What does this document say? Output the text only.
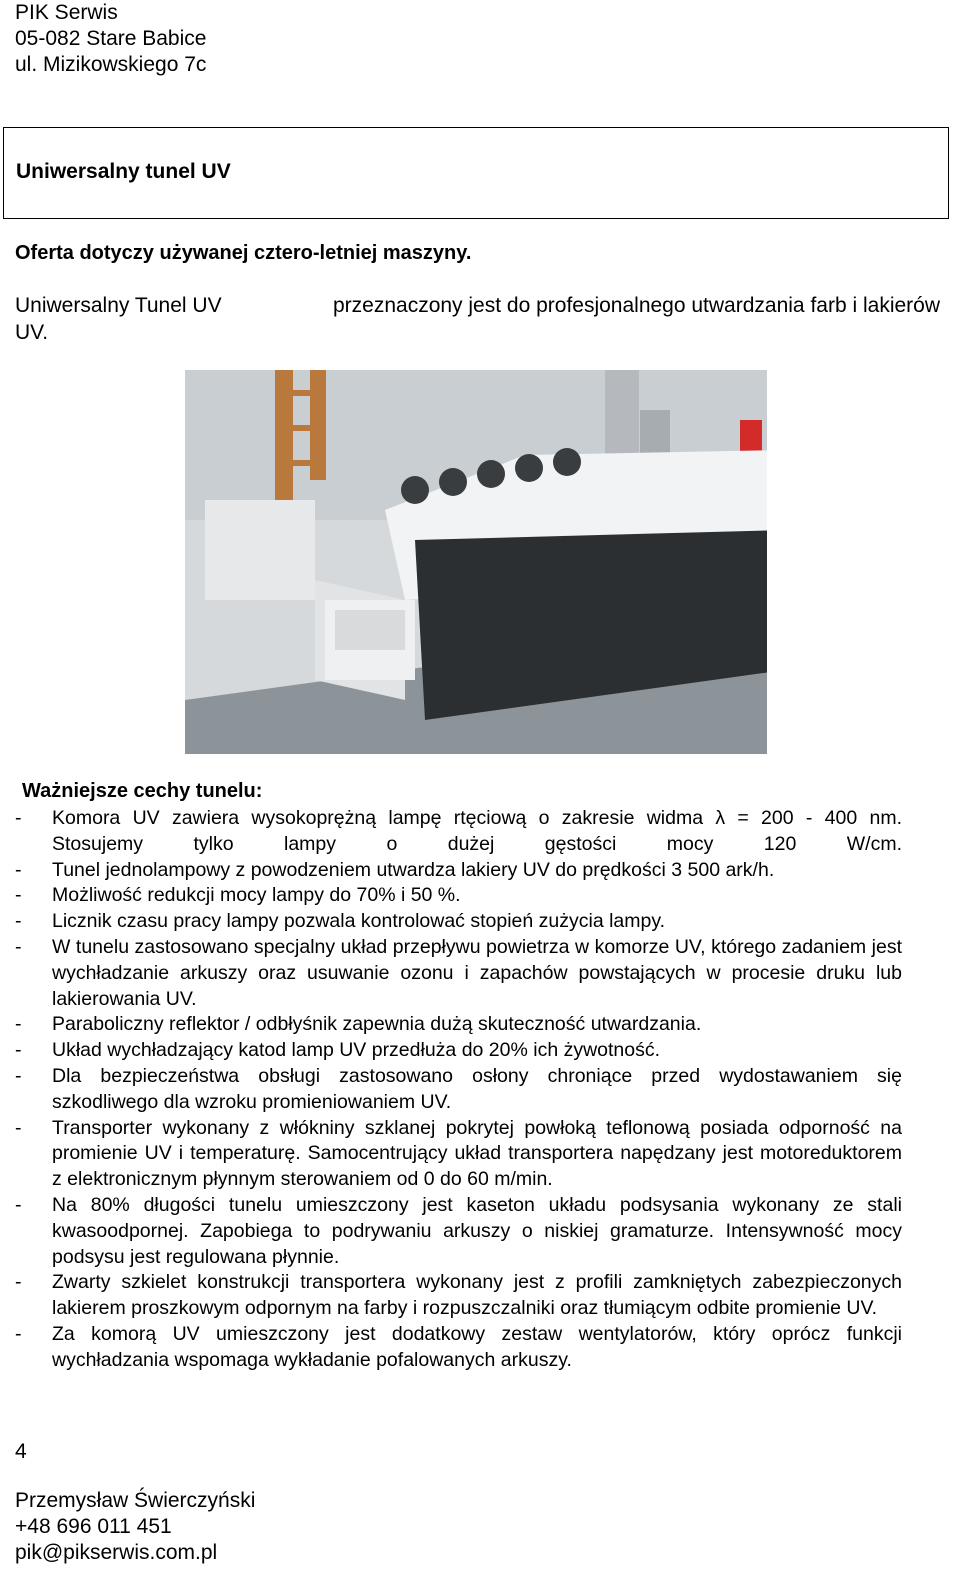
PIK Serwis
05-082 Stare Babice
ul. Mizikowskiego 7c
Uniwersalny tunel UV
Oferta dotyczy używanej cztero-letniej maszyny.
Uniwersalny Tunel UV	przeznaczony jest do profesjonalnego utwardzania farb i lakierów
UV.
Ważniejsze cechy tunelu:
- Komora UV zawiera wysokoprężną lampę rtęciową o zakresie widma λ = 200 - 400 nm. Stosujemy tylko lampy o dużej gęstości mocy 120 W/cm.
- Tunel jednolampowy z powodzeniem utwardza lakiery UV do prędkości 3 500 ark/h.
- Możliwość redukcji mocy lampy do 70% i 50 %.
- Licznik czasu pracy lampy pozwala kontrolować stopień zużycia lampy.
- W tunelu zastosowano specjalny układ przepływu powietrza w komorze UV, którego zadaniem jest wychładzanie arkuszy oraz usuwanie ozonu i zapachów powstających w procesie druku lub lakierowania UV.
- Paraboliczny reflektor / odbłyśnik zapewnia dużą skuteczność utwardzania.
- Układ wychładzający katod lamp UV przedłuża do 20% ich żywotność.
- Dla bezpieczeństwa obsługi zastosowano osłony chroniące przed wydostawaniem się szkodliwego dla wzroku promieniowaniem UV.
- Transporter wykonany z włókniny szklanej pokrytej powłoką teflonową posiada odporność na promienie UV i temperaturę. Samocentrujący układ transportera napędzany jest motoreduktorem z elektronicznym płynnym sterowaniem od 0 do 60 m/min.
- Na 80% długości tunelu umieszczony jest kaseton układu podsysania wykonany ze stali kwasoodpornej. Zapobiega to podrywaniu arkuszy o niskiej gramaturze. Intensywność mocy podsysu jest regulowana płynnie.
- Zwarty szkielet konstrukcji transportera wykonany jest z profili zamkniętych zabezpieczonych lakierem proszkowym odpornym na farby i rozpuszczalniki oraz tłumiącym odbite promienie UV.
- Za komorą UV umieszczony jest dodatkowy zestaw wentylatorów, który oprócz funkcji wychładzania wspomaga wykładanie pofalowanych arkuszy.
4
Przemysław Świerczyński
+48 696 011 451
pik@pikserwis.com.pl
